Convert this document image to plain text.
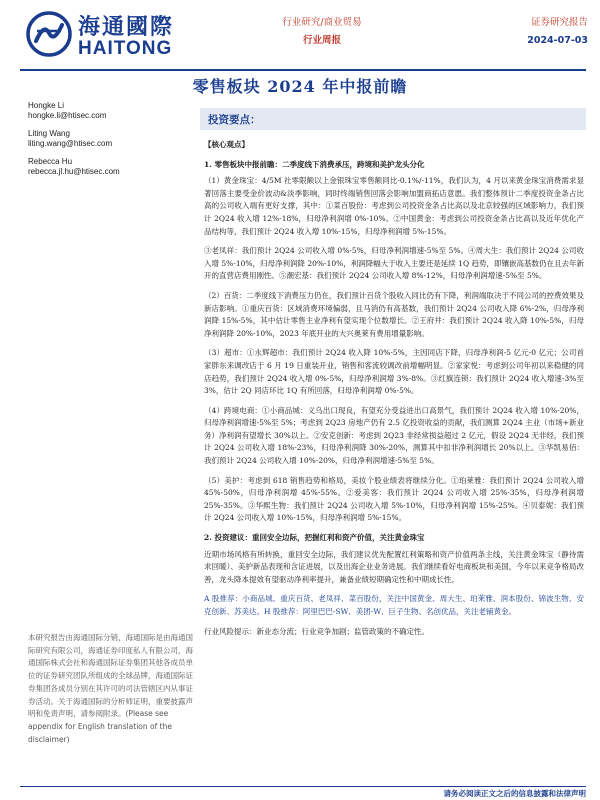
海通國際
HAITONG
行业研究/商业贸易
行业周报
证券研究报告
2024-07-03
零售板块 2024 年中报前瞻
Hongke Li
hongke.li@htisec.com
Liting Wang
liting.wang@htisec.com
Rebecca Hu
rebecca.jl.hu@htisec.com
投资要点：

【核心观点】

1. 零售板块中报前瞻：二季度线下消费承压，跨境和美护龙头分化

（1）黄金珠宝：4/5M 社零限额以上金银珠宝零售额同比-0.1%/-11%，我们认为，4 月以来黄金珠宝消费需求显著回落主要受金价波动&淡季影响，同时终端销售回落会影响加盟商拓店意愿。我们整体预计二季度投资金条占比高的公司收入端有更好支撑，其中：①菜百股份：考虑到公司投资金条占比高以及北京较强的区域影响力，我们预计 2Q24 收入增 12%-18%，归母净利润增 0%-10%。②中国黄金：考虑到公司投资金条占比高以及近年优化产品结构等，我们预计 2Q24 收入增 10%-15%，归母净利润增 5%-15%。

③老凤祥：我们预计 2Q24 公司收入增 0%-5%，归母净利润增速-5%至 5%。④周大生：我们预计 2Q24 公司收入增 5%-10%，归母净利润降 20%-10%，利润降幅大于收入主要还是延续 1Q 趋势，即镶嵌高基数仍在且去年新开的直营店费用刚性。⑤潮宏基：我们预计 2Q24 公司收入增 8%-12%，归母净利润增速-5%至 5%。

（2）百货：二季度线下消费压力仍在，我们预计百货个股收入同比仍有下降，利润端取决于不同公司的控费效果及新店影响。①重庆百货：区域消费环境偏弱，且马消仍有高基数，我们预计 2Q24 公司收入降 6%-2%，归母净利润降 15%-5%，其中估计零售主业净利有望实现个位数增长。②王府井：我们预计 2Q24 收入降 10%-5%，归母净利润降 20%-10%，2023 年底开业的大兴奥莱有费用增量影响。

（3）超市：①永辉超市：我们预计 2Q24 收入降 10%-5%，主因同店下降，归母净利润-5 亿元-0 亿元；公司首家胖东来调改店于 6 月 19 日重装开业，销售和客流较调改前增幅明显。②家家悦：考虑到公司年初以来稳健的同店趋势，我们预计 2Q24 收入增 0%-5%，归母净利润增 3%-8%。③红旗连锁：我们预计 2Q24 收入增速-3%至 3%，估计 2Q 同店环比 1Q 有所回落，归母净利润增 0%-5%。

（4）跨境电商：①小商品城：义乌出口现良，有望充分受益进出口高景气，我们预计 2Q24 收入增 10%-20%，归母净利润增速-5%至 5%；考虑到 2Q23 房地产仍有 2.5 亿投资收益的贡献，我们测算 2Q24 主业（市场+新业务）净利润有望增长 30%以上。②安克创新：考虑到 2Q23 非经常损益超过 2 亿元，假设 2Q24 无非经，我们预计 2Q24 公司收入增 18%-23%，归母净利润降 30%-20%，测算其中扣非净利润增长 20%以上。③华凯易佰：我们预计 2Q24 公司收入增 10%-20%，归母净利润增速-5%至 5%。

（5）美护：考虑到 618 销售趋势和格局，美妆个股业绩表将继续分化。①珀莱雅：我们预计 2Q24 公司收入增 45%-50%，归母净利润增 45%-55%。②爱美客：我们预计 2Q24 公司收入增 25%-35%，归母净利润增 25%-35%。③华熙生物：我们预计 2Q24 公司收入增 5%-10%，归母净利润增 15%-25%。④贝泰妮：我们预计 2Q24 公司收入增 10%-15%，归母净利润增 5%-15%。

2. 投资建议：重回安全边际，把握红利和资产价值，关注黄金珠宝

近期市场风格有所转换，重回安全边际，我们建议优先配置红利策略和资产价值两条主线，关注黄金珠宝（静待需求回暖）、美护新品表现和含证进展，以及出海企业业务进展。我们继续看好电商板块和美国，今年以来竞争格局改善，龙头降本提效有望驱动净利率提升，兼备业绩短期确定性和中期成长性。

A 股推荐：小商品城、重庆百货、老凤祥、菜百股份，关注中国黄金、周大生、珀莱雅、润本股份、锦波生物、安克创新、苏美达。H 股推荐：阿里巴巴-SW、美团-W、巨子生物、名创优品，关注老铺黄金。

行业风险提示：新业态分流；行业竞争加剧；监管政策的不确定性。

本研究报告由海通国际分销，海通国际是由海通国际研究有限公司，海通证券印度私人有限公司，海通国际株式会社和海通国际证券集团其他各成员单位的证券研究团队所组成的全球品牌，海通国际证券集团各成员分别在其许可的司法管辖区内从事证券活动。关于海通国际的分析师证明，重要披露声明和免责声明，请参阅附录。(Please see appendix for English translation of the disclaimer)
请务必阅读正文之后的信息披露和法律声明
